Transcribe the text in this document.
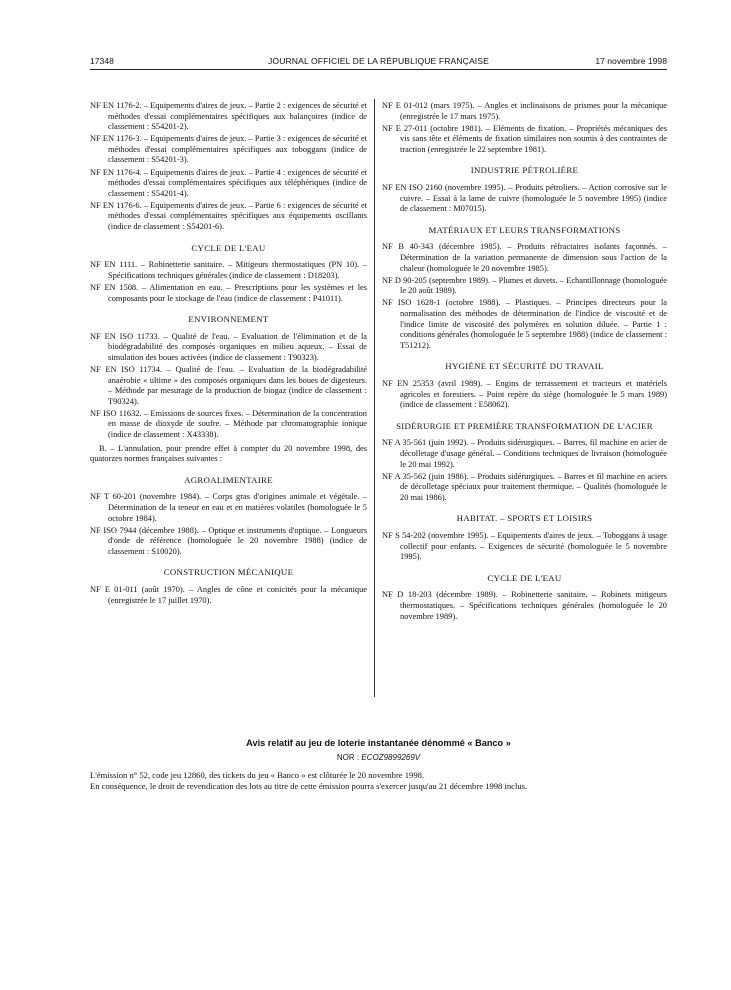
17348	JOURNAL OFFICIEL DE LA RÉPUBLIQUE FRANÇAISE	17 novembre 1998
NF EN 1176-2. – Equipements d'aires de jeux. – Partie 2 : exigences de sécurité et méthodes d'essai complémentaires spécifiques aux balançoires (indice de classement : S54201-2).
NF EN 1176-3. – Equipements d'aires de jeux. – Partie 3 : exigences de sécurité et méthodes d'essai complémentaires spécifiques aux toboggans (indice de classement : S54201-3).
NF EN 1176-4. – Equipements d'aires de jeux. – Partie 4 : exigences de sécurité et méthodes d'essai complémentaires spécifiques aux téléphériques (indice de classement : S54201-4).
NF EN 1176-6. – Equipements d'aires de jeux. – Partie 6 : exigences de sécurité et méthodes d'essai complémentaires spécifiques aux équipements oscillants (indice de classement : S54201-6).
CYCLE DE L'EAU
NF EN 1111. – Robinetterie sanitaire. – Mitigeurs thermostatiques (PN 10). – Spécifications techniques générales (indice de classement : D18203).
NF EN 1508. – Alimentation en eau. – Prescriptions pour les systèmes et les composants pour le stockage de l'eau (indice de classement : P41011).
ENVIRONNEMENT
NF EN ISO 11733. – Qualité de l'eau. – Evaluation de l'élimination et de la biodégradabilité des composés organiques en milieu aqueux. – Essai de simulation des boues activées (indice de classement : T90323).
NF EN ISO 11734. – Qualité de l'eau. – Evaluation de la biodégradabilité anaérobie « ultime » des composés organiques dans les boues de digesteurs. – Méthode par mesurage de la production de biogaz (indice de classement : T90324).
NF ISO 11632. – Emissions de sources fixes. – Détermination de la concentration en masse de dioxyde de soufre. – Méthode par chromatographie ionique (indice de classement : X43338).
B. – L'annulation, pour prendre effet à compter du 20 novembre 1998, des quatorzes normes françaises suivantes :
AGROALIMENTAIRE
NF T 60-201 (novembre 1984). – Corps gras d'origines animale et végétale. – Détermination de la teneur en eau et en matières volatiles (homologuée le 5 octobre 1984).
NF ISO 7944 (décembre 1988). – Optique et instruments d'optique. – Longueurs d'onde de référence (homologuée le 20 novembre 1988) (indice de classement : S10020).
CONSTRUCTION MÉCANIQUE
NF E 01-011 (août 1970). – Angles de cône et conicités pour la mécanique (enregistrée le 17 juillet 1970).
NF E 01-012 (mars 1975). – Angles et inclinaisons de prismes pour la mécanique (enregistrée le 17 mars 1975).
NF E 27-011 (octobre 1981). – Eléments de fixation. – Propriétés mécaniques des vis sans tête et éléments de fixation similaires non soumis à des contraintes de traction (enregistrée le 22 septembre 1981).
INDUSTRIE PÉTROLIÈRE
NF EN ISO 2160 (novembre 1995). – Produits pétroliers. – Action corrosive sur le cuivre. – Essai à la lame de cuivre (homologuée le 5 novembre 1995) (indice de classement : M07015).
MATÉRIAUX ET LEURS TRANSFORMATIONS
NF B 40-343 (décembre 1985). – Produits réfractaires isolants façonnés. – Détermination de la variation permanente de dimension sous l'action de la chaleur (homologuée le 20 novembre 1985).
NF D 90-205 (septembre 1989). – Plumes et duvets. – Echantillonnage (homologuée le 20 août 1989).
NF ISO 1628-1 (octobre 1988). – Plastiques. – Principes directeurs pour la normalisation des méthodes de détermination de l'indice de viscosité et de l'indice limite de viscosité des polymères en solution diluée. – Partie 1 : conditions générales (homologuée le 5 septembre 1988) (indice de classement : T51212).
HYGIÈNE ET SÉCURITÉ DU TRAVAIL
NF EN 25353 (avril 1989). – Engins de terrassement et tracteurs et matériels agricoles et forestiers. – Point repère du siège (homologuée le 5 mars 1989) (indice de classement : E58062).
SIDÉRURGIE ET PREMIÈRE TRANSFORMATION DE L'ACIER
NF A 35-561 (juin 1992). – Produits sidérurgiques. – Barres, fil machine en acier de décolletage d'usage général. – Conditions techniques de livraison (homologuée le 20 mai 1992).
NF A 35-562 (juin 1986). – Produits sidérurgiques. – Barres et fil machine en aciers de décolletage spéciaux pour traitement thermique. – Qualités (homologuée le 20 mai 1986).
HABITAT. – SPORTS ET LOISIRS
NF S 54-202 (novembre 1995). – Equipements d'aires de jeux. – Toboggans à usage collectif pour enfants. – Exigences de sécurité (homologuée le 5 novembre 1995).
CYCLE DE L'EAU
NF D 18-203 (décembre 1989). – Robinetterie sanitaire. – Robinets mitigeurs thermostatiques. – Spécifications techniques générales (homologuée le 20 novembre 1989).
Avis relatif au jeu de loterie instantanée dénommé « Banco »
NOR : ECOZ9899269V
L'émission n° 52, code jeu 12860, des tickets du jeu « Banco » est clôturée le 20 novembre 1998.
En conséquence, le droit de revendication des lots au titre de cette émission pourra s'exercer jusqu'au 21 décembre 1998 inclus.
